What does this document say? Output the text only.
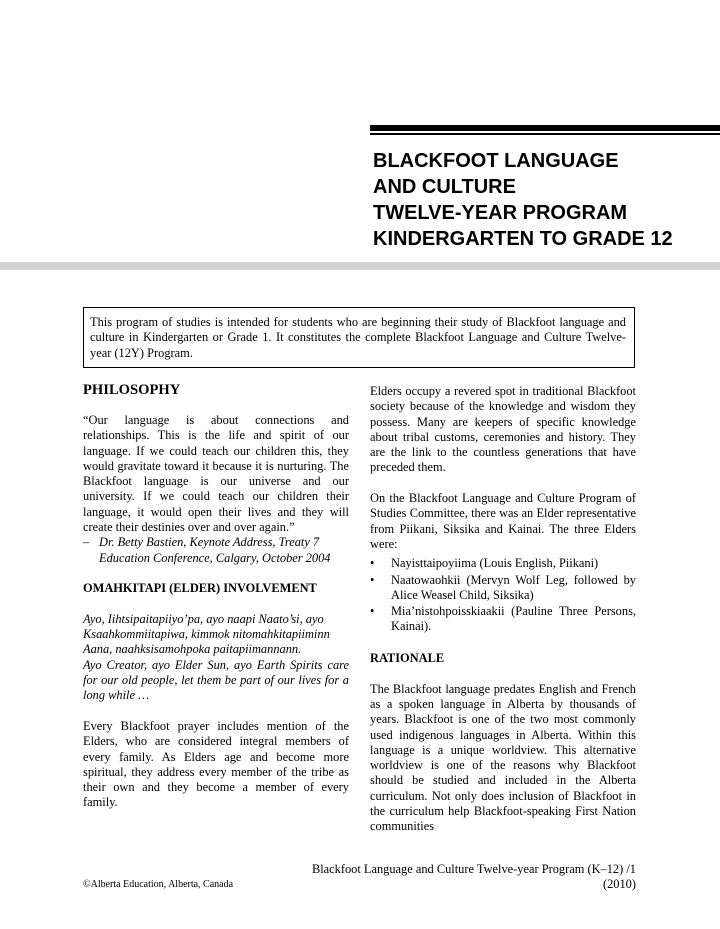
BLACKFOOT LANGUAGE
AND CULTURE
TWELVE-YEAR PROGRAM
KINDERGARTEN TO GRADE 12

This program of studies is intended for students who are beginning their study of Blackfoot language and culture in Kindergarten or Grade 1. It constitutes the complete Blackfoot Language and Culture Twelve-year (12Y) Program.

PHILOSOPHY

“Our language is about connections and relationships. This is the life and spirit of our language. If we could teach our children this, they would gravitate toward it because it is nurturing. The Blackfoot language is our universe and our university. If we could teach our children their language, it would open their lives and they will create their destinies over and over again.”

– Dr. Betty Bastien, Keynote Address, Treaty 7 Education Conference, Calgary, October 2004

OMAHKITAPI (ELDER) INVOLVEMENT

Ayo, Iihtsipaitapiiyo’pa, ayo naapi Naato’si, ayo Ksaahkommiitapiwa, kimmok nitomahkitapiiminn Aana, naahksisamohpoka paitapiimannann.

Ayo Creator, ayo Elder Sun, ayo Earth Spirits care for our old people, let them be part of our lives for a long while …

Every Blackfoot prayer includes mention of the Elders, who are considered integral members of every family. As Elders age and become more spiritual, they address every member of the tribe as their own and they become a member of every family.

Elders occupy a revered spot in traditional Blackfoot society because of the knowledge and wisdom they possess. Many are keepers of specific knowledge about tribal customs, ceremonies and history. They are the link to the countless generations that have preceded them.

On the Blackfoot Language and Culture Program of Studies Committee, there was an Elder representative from Piikani, Siksika and Kainai. The three Elders were:

•	Nayisttaipoyiima (Louis English, Piikani)
•	Naatowaohkii (Mervyn Wolf Leg, followed by Alice Weasel Child, Siksika)
•	Mia’nistohpoisskiaakii (Pauline Three Persons, Kainai).
RATIONALE

The Blackfoot language predates English and French as a spoken language in Alberta by thousands of years. Blackfoot is one of the two most commonly used indigenous languages in Alberta. Within this language is a unique worldview. This alternative worldview is one of the reasons why Blackfoot should be studied and included in the Alberta curriculum. Not only does inclusion of Blackfoot in the curriculum help Blackfoot-speaking First Nation communities

Blackfoot Language and Culture Twelve-year Program (K–12) /1
(2010)
©Alberta Education, Alberta, Canada
